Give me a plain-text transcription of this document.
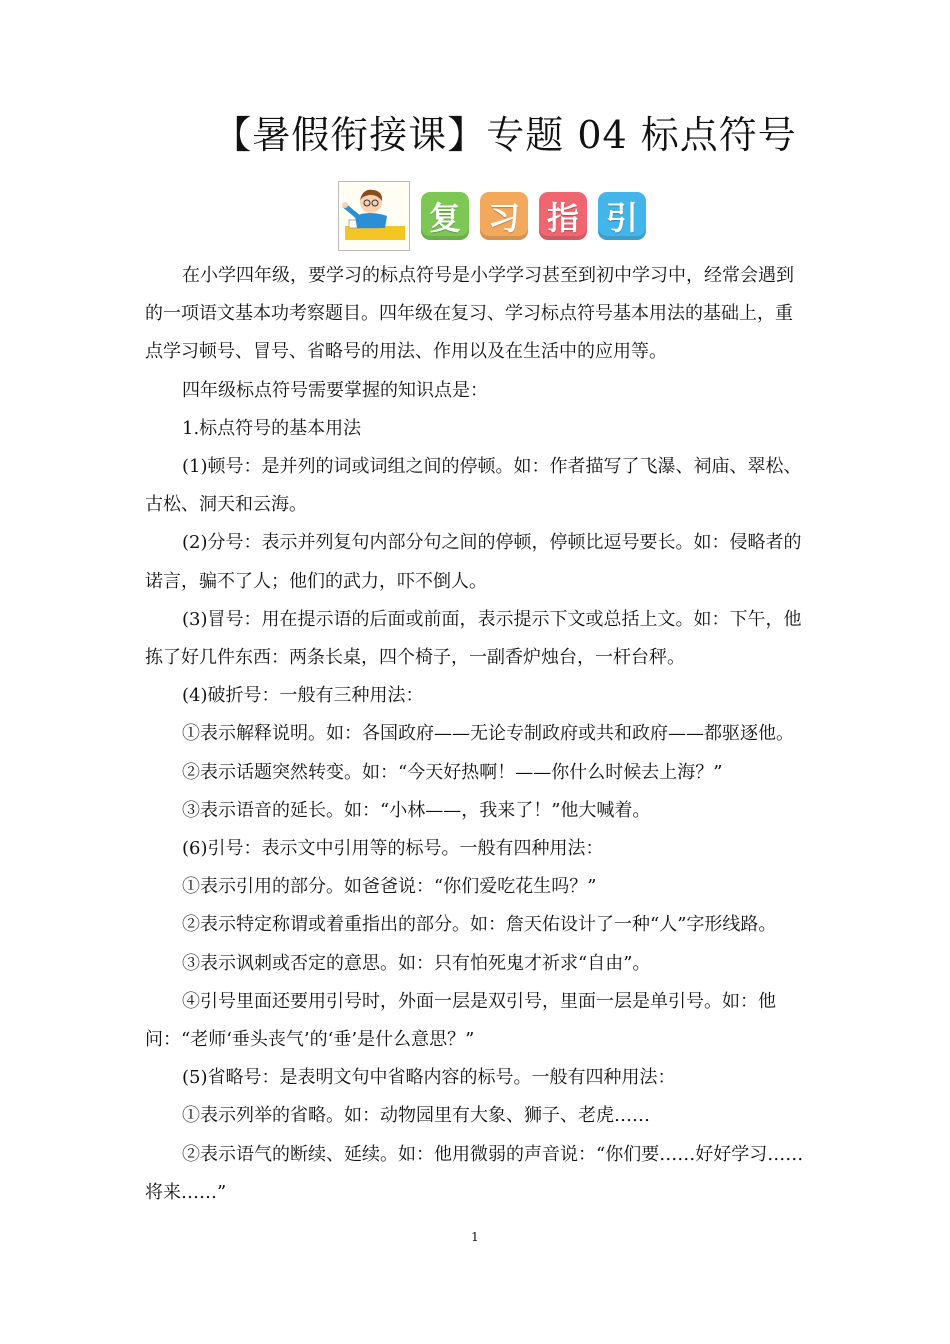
【暑假衔接课】专题 04 标点符号
复 习 指 引

在小学四年级，要学习的标点符号是小学学习甚至到初中学习中，经常会遇到的一项语文基本功考察题目。四年级在复习、学习标点符号基本用法的基础上，重点学习顿号、冒号、省略号的用法、作用以及在生活中的应用等。

四年级标点符号需要掌握的知识点是：

1.标点符号的基本用法

(1)顿号：是并列的词或词组之间的停顿。如：作者描写了飞瀑、祠庙、翠松、古松、洞天和云海。

(2)分号：表示并列复句内部分句之间的停顿，停顿比逗号要长。如：侵略者的诺言，骗不了人；他们的武力，吓不倒人。

(3)冒号：用在提示语的后面或前面，表示提示下文或总括上文。如：下午，他拣了好几件东西：两条长桌，四个椅子，一副香炉烛台，一杆台秤。

(4)破折号：一般有三种用法：

①表示解释说明。如：各国政府——无论专制政府或共和政府——都驱逐他。

②表示话题突然转变。如：“今天好热啊！——你什么时候去上海？”

③表示语音的延长。如：“小林——，我来了！”他大喊着。

(6)引号：表示文中引用等的标号。一般有四种用法：

①表示引用的部分。如爸爸说：“你们爱吃花生吗？”

②表示特定称谓或着重指出的部分。如：詹天佑设计了一种“人”字形线路。

③表示讽刺或否定的意思。如：只有怕死鬼才祈求“自由”。

④引号里面还要用引号时，外面一层是双引号，里面一层是单引号。如：他问：“老师‘垂头丧气’的‘垂’是什么意思？”

(5)省略号：是表明文句中省略内容的标号。一般有四种用法：

①表示列举的省略。如：动物园里有大象、狮子、老虎……

②表示语气的断续、延续。如：他用微弱的声音说：“你们要……好好学习……将来……”

1
